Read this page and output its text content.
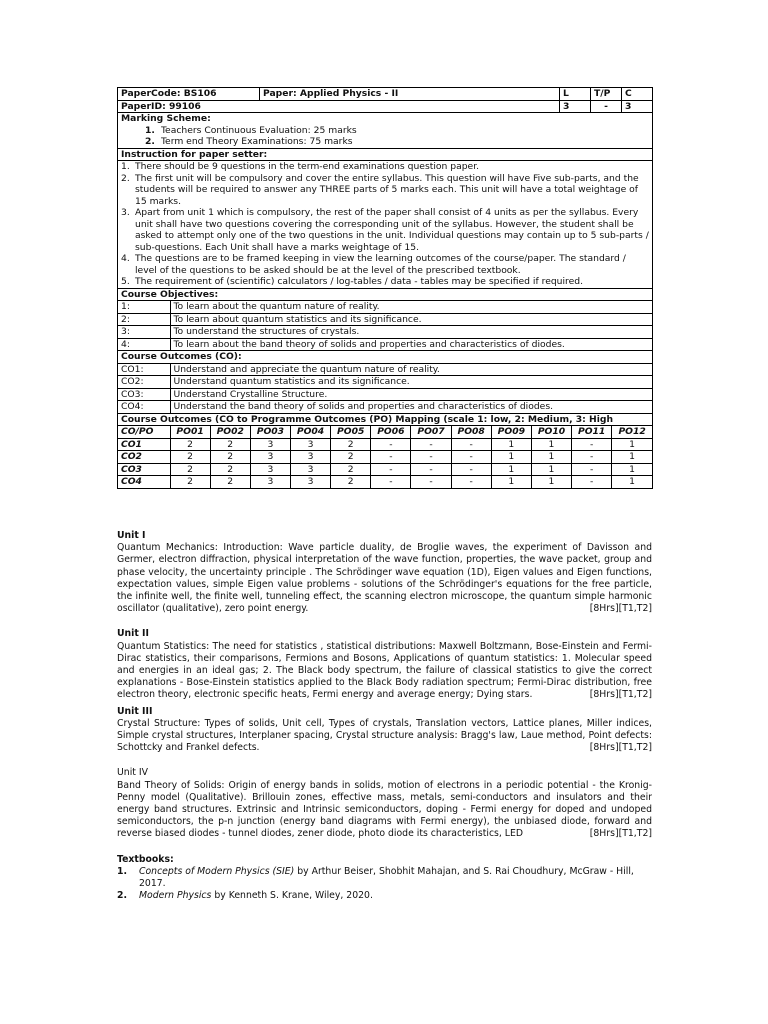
PaperCode: BS106	Paper: Applied Physics - II	L	T/P	C
PaperID: 99106	3	-	3

Marking Scheme:
1. Teachers Continuous Evaluation: 25 marks
2. Term end Theory Examinations: 75 marks

Instruction for paper setter:

1. There should be 9 questions in the term-end examinations question paper.
2. The first unit will be compulsory and cover the entire syllabus. This question will have Five sub-parts, and the students will be required to answer any THREE parts of 5 marks each. This unit will have a total weightage of 15 marks.
3. Apart from unit 1 which is compulsory, the rest of the paper shall consist of 4 units as per the syllabus. Every unit shall have two questions covering the corresponding unit of the syllabus. However, the student shall be asked to attempt only one of the two questions in the unit. Individual questions may contain up to 5 sub-parts / sub-questions. Each Unit shall have a marks weightage of 15.
4. The questions are to be framed keeping in view the learning outcomes of the course/paper. The standard / level of the questions to be asked should be at the level of the prescribed textbook.
5. The requirement of (scientific) calculators / log-tables / data - tables may be specified if required.

Course Objectives:

1:	To learn about the quantum nature of reality.
2:	To learn about quantum statistics and its significance.
3:	To understand the structures of crystals.
4:	To learn about the band theory of solids and properties and characteristics of diodes.

Course Outcomes (CO):

CO1:	Understand and appreciate the quantum nature of reality.
CO2:	Understand quantum statistics and its significance.
CO3:	Understand Crystalline Structure.
CO4:	Understand the band theory of solids and properties and characteristics of diodes.

Course Outcomes (CO to Programme Outcomes (PO) Mapping (scale 1: low, 2: Medium, 3: High

CO/PO	PO01	PO02	PO03	PO04	PO05	PO06	PO07	PO08	PO09	PO10	PO11	PO12
CO1	2	2	3	3	2	-	-	-	1	1	-	1
CO2	2	2	3	3	2	-	-	-	1	1	-	1
CO3	2	2	3	3	2	-	-	-	1	1	-	1
CO4	2	2	3	3	2	-	-	-	1	1	-	1

Unit I

Quantum Mechanics: Introduction: Wave particle duality, de Broglie waves, the experiment of Davisson and Germer, electron diffraction, physical interpretation of the wave function, properties, the wave packet, group and phase velocity, the uncertainty principle . The Schrödinger wave equation (1D), Eigen values and Eigen functions, expectation values, simple Eigen value problems - solutions of the Schrödinger's equations for the free particle, the infinite well, the finite well, tunneling effect, the scanning electron microscope, the quantum simple harmonic oscillator (qualitative), zero point energy.	[8Hrs][T1,T2]

Unit II

Quantum Statistics: The need for statistics , statistical distributions: Maxwell Boltzmann, Bose-Einstein and Fermi-Dirac statistics, their comparisons, Fermions and Bosons, Applications of quantum statistics: 1. Molecular speed and energies in an ideal gas; 2. The Black body spectrum, the failure of classical statistics to give the correct explanations - Bose-Einstein statistics applied to the Black Body radiation spectrum; Fermi-Dirac distribution, free electron theory, electronic specific heats, Fermi energy and average energy; Dying stars.	[8Hrs][T1,T2]

Unit III

Crystal Structure: Types of solids, Unit cell, Types of crystals, Translation vectors, Lattice planes, Miller indices, Simple crystal structures, Interplaner spacing, Crystal structure analysis: Bragg's law, Laue method, Point defects: Schottcky and Frankel defects.	[8Hrs][T1,T2]

Unit IV

Band Theory of Solids: Origin of energy bands in solids, motion of electrons in a periodic potential - the Kronig-Penny model (Qualitative). Brillouin zones, effective mass, metals, semi-conductors and insulators and their energy band structures. Extrinsic and Intrinsic semiconductors, doping - Fermi energy for doped and undoped semiconductors, the p-n junction (energy band diagrams with Fermi energy), the unbiased diode, forward and reverse biased diodes - tunnel diodes, zener diode, photo diode its characteristics, LED	[8Hrs][T1,T2]

Textbooks:

1. Concepts of Modern Physics (SIE) by Arthur Beiser, Shobhit Mahajan, and S. Rai Choudhury, McGraw - Hill, 2017.
2. Modern Physics by Kenneth S. Krane, Wiley, 2020.
